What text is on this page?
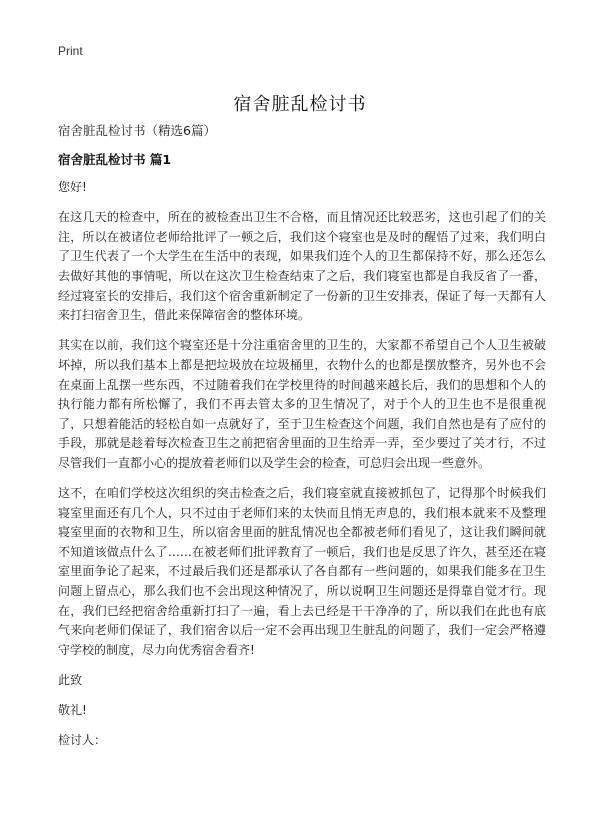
Print
宿舍脏乱检讨书
宿舍脏乱检讨书（精选6篇）
宿舍脏乱检讨书 篇1

您好!

在这几天的检查中，所在的被检查出卫生不合格，而且情况还比较恶劣，这也引起了们的关注，所以在被诸位老师给批评了一顿之后，我们这个寝室也是及时的醒悟了过来，我们明白了卫生代表了一个大学生在生活中的表现，如果我们连个人的卫生都保持不好，那么还怎么去做好其他的事情呢，所以在这次卫生检查结束了之后，我们寝室也都是自我反省了一番，经过寝室长的安排后，我们这个宿舍重新制定了一份新的卫生安排表，保证了每一天都有人来打扫宿舍卫生，借此来保障宿舍的整体环境。

其实在以前，我们这个寝室还是十分注重宿舍里的卫生的，大家都不希望自己个人卫生被破坏掉，所以我们基本上都是把垃圾放在垃圾桶里，衣物什么的也都是摆放整齐，另外也不会在桌面上乱摆一些东西，不过随着我们在学校里待的时间越来越长后，我们的思想和个人的执行能力都有所松懈了，我们不再去管太多的卫生情况了，对于个人的卫生也不是很重视了，只想着能活的轻松自如一点就好了，至于卫生检查这个问题，我们自然也是有了应付的手段，那就是趁着每次检查卫生之前把宿舍里面的卫生给弄一弄，至少要过了关才行，不过尽管我们一直都小心的提放着老师们以及学生会的检查，可总归会出现一些意外。

这不，在咱们学校这次组织的突击检查之后，我们寝室就直接被抓包了，记得那个时候我们寝室里面还有几个人，只不过由于老师们来的太快而且悄无声息的，我们根本就来不及整理寝室里面的衣物和卫生，所以宿舍里面的脏乱情况也全都被老师们看见了，这让我们瞬间就不知道该做点什么了……在被老师们批评教育了一顿后，我们也是反思了许久，甚至还在寝室里面争论了起来，不过最后我们还是都承认了各自都有一些问题的，如果我们能多在卫生问题上留点心，那么我们也不会出现这种情况了，所以说啊卫生问题还是得靠自觉才行。现在，我们已经把宿舍给重新打扫了一遍，看上去已经是干干净净的了，所以我们在此也有底气来向老师们保证了，我们宿舍以后一定不会再出现卫生脏乱的问题了，我们一定会严格遵守学校的制度，尽力向优秀宿舍看齐!

此致

敬礼!

检讨人：
